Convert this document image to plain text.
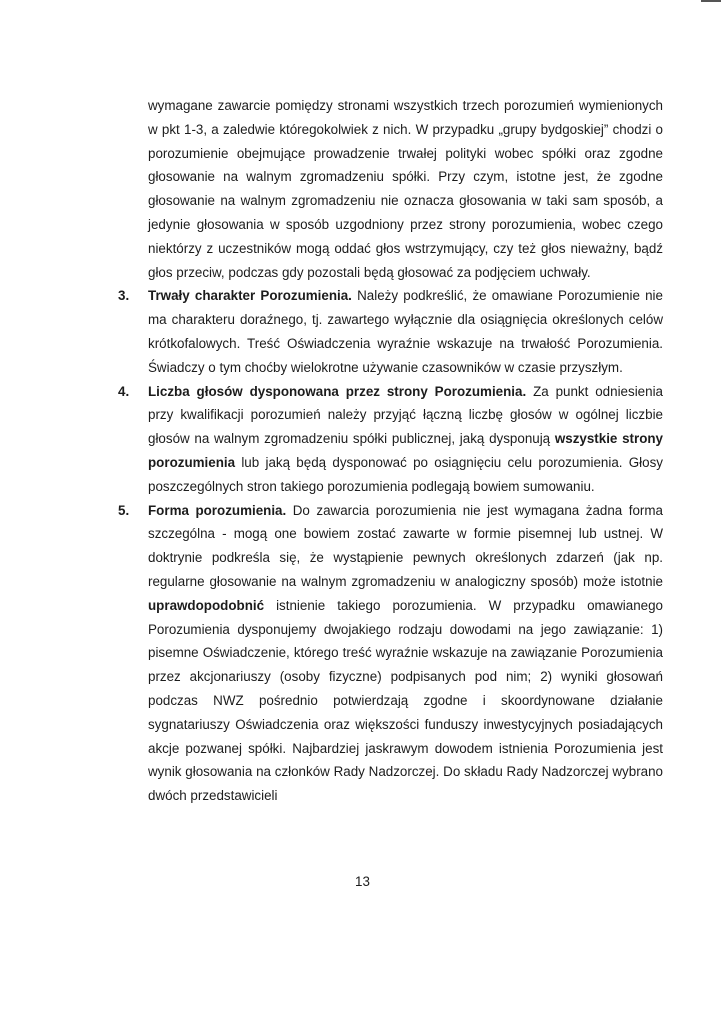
wymagane zawarcie pomiędzy stronami wszystkich trzech porozumień wymienionych w pkt 1-3, a zaledwie któregokolwiek z nich. W przypadku „grupy bydgoskiej” chodzi o porozumienie obejmujące prowadzenie trwałej polityki wobec spółki oraz zgodne głosowanie na walnym zgromadzeniu spółki. Przy czym, istotne jest, że zgodne głosowanie na walnym zgromadzeniu nie oznacza głosowania w taki sam sposób, a jedynie głosowania w sposób uzgodniony przez strony porozumienia, wobec czego niektórzy z uczestników mogą oddać głos wstrzymujący, czy też głos nieważny, bądź głos przeciw, podczas gdy pozostali będą głosować za podjęciem uchwały.

3. Trwały charakter Porozumienia. Należy podkreślić, że omawiane Porozumienie nie ma charakteru doraźnego, tj. zawartego wyłącznie dla osiągnięcia określonych celów krótkofalowych. Treść Oświadczenia wyraźnie wskazuje na trwałość Porozumienia. Świadczy o tym choćby wielokrotne używanie czasowników w czasie przyszłym.

4. Liczba głosów dysponowana przez strony Porozumienia. Za punkt odniesienia przy kwalifikacji porozumień należy przyjąć łączną liczbę głosów w ogólnej liczbie głosów na walnym zgromadzeniu spółki publicznej, jaką dysponują wszystkie strony porozumienia lub jaką będą dysponować po osiągnięciu celu porozumienia. Głosy poszczególnych stron takiego porozumienia podlegają bowiem sumowaniu.

5. Forma porozumienia. Do zawarcia porozumienia nie jest wymagana żadna forma szczególna - mogą one bowiem zostać zawarte w formie pisemnej lub ustnej. W doktrynie podkreśla się, że wystąpienie pewnych określonych zdarzeń (jak np. regularne głosowanie na walnym zgromadzeniu w analogiczny sposób) może istotnie uprawdopodobnić istnienie takiego porozumienia. W przypadku omawianego Porozumienia dysponujemy dwojakiego rodzaju dowodami na jego zawiązanie: 1) pisemne Oświadczenie, którego treść wyraźnie wskazuje na zawiązanie Porozumienia przez akcjonariuszy (osoby fizyczne) podpisanych pod nim; 2) wyniki głosowań podczas NWZ pośrednio potwierdzają zgodne i skoordynowane działanie sygnatariuszy Oświadczenia oraz większości funduszy inwestycyjnych posiadających akcje pozwanej spółki. Najbardziej jaskrawym dowodem istnienia Porozumienia jest wynik głosowania na członków Rady Nadzorczej. Do składu Rady Nadzorczej wybrano dwóch przedstawicieli

13
